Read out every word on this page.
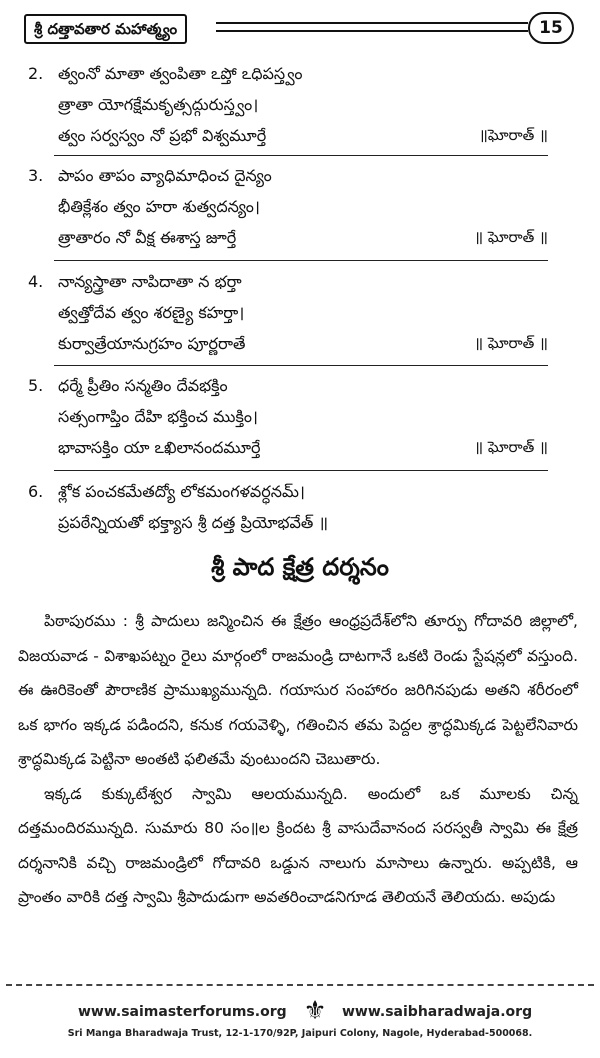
శ్రీ దత్తావతార మహాత్మ్యం	15
2. త్వంనో మాతా త్వంపితా ఽప్తో ఽధిపస్త్వం
త్రాతా యోగక్షేమకృత్సద్గురుస్త్వం।
త్వం సర్వస్వం నో ప్రభో విశ్వమూర్తే	॥ఘోరాత్ ॥
3. పాపం తాపం వ్యాధిమాధించ దైన్యం
భీతిక్లేశం త్వం హరా శుత్వదన్యం।
త్రాతారం నో వీక్ష ఈశాస్త జూర్తే	॥ ఘోరాత్ ॥
4. నాన్యస్త్రాతా నాపిదాతా న భర్తా
త్వత్తోదేవ త్వం శరణ్యై కహర్తా।
కుర్వాత్రేయానుగ్రహం పూర్ణరాతే	॥ ఘోరాత్ ॥
5. ధర్మే ప్రీతిం సన్మతిం దేవభక్తిం
సత్సంగాప్తిం దేహి భక్తించ ముక్తిం।
భావాసక్తిం యా ఽఖిలానందమూర్తే	॥ ఘోరాత్ ॥
6. శ్లోక పంచకమేతద్యో లోకమంగళవర్ధనమ్।
ప్రపఠేన్నియతో భక్త్యాస శ్రీ దత్త ప్రియోభవేత్ ॥
శ్రీ పాద క్షేత్ర దర్శనం

పిఠాపురము : శ్రీ పాదులు జన్మించిన ఈ క్షేత్రం ఆంధ్రప్రదేశ్‌లోని తూర్పు గోదావరి జిల్లాలో, విజయవాడ - విశాఖపట్నం రైలు మార్గంలో రాజమండ్రి దాటగానే ఒకటి రెండు స్టేషన్లలో వస్తుంది. ఈ ఊరికెంతో పౌరాణిక ప్రాముఖ్యమున్నది. గయాసుర సంహారం జరిగినపుడు అతని శరీరంలో ఒక భాగం ఇక్కడ పడిందని, కనుక గయవెళ్ళి, గతించిన తమ పెద్దల శ్రాద్ధమిక్కడ పెట్టలేనివారు శ్రాద్ధమిక్కడ పెట్టినా అంతటి ఫలితమే వుంటుందని చెబుతారు.

ఇక్కడ కుక్కుటేశ్వర స్వామి ఆలయమున్నది. అందులో ఒక మూలకు చిన్న దత్తమందిరమున్నది. సుమారు 80 సం॥ల క్రిందట శ్రీ వాసుదేవానంద సరస్వతీ స్వామి ఈ క్షేత్ర దర్శనానికి వచ్చి రాజమండ్రిలో గోదావరి ఒడ్డున నాలుగు మాసాలు ఉన్నారు. అప్పటికి, ఆ ప్రాంతం వారికి దత్త స్వామి శ్రీపాదుడుగా అవతరించాడనిగూడ తెలియనే తెలియదు. అపుడు

www.saimasterforums.org ⚜ www.saibharadwaja.org
Sri Manga Bharadwaja Trust, 12-1-170/92P, Jaipuri Colony, Nagole, Hyderabad-500068.
